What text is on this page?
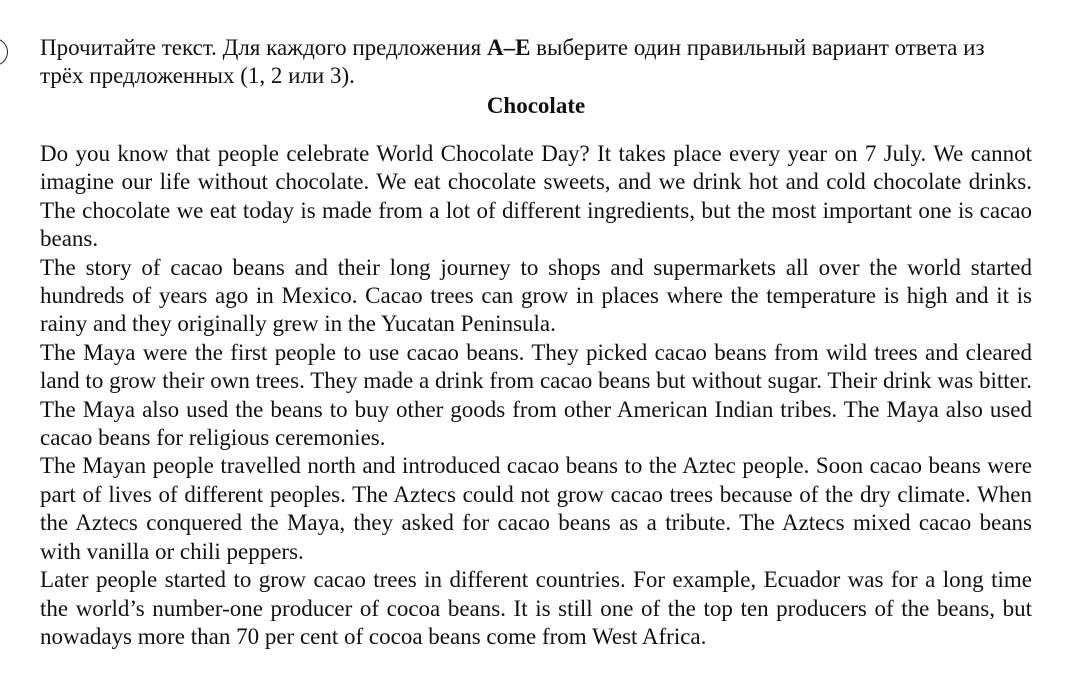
Прочитайте текст. Для каждого предложения A–E выберите один правильный вариант ответа из трёх предложенных (1, 2 или 3).
Chocolate

Do you know that people celebrate World Chocolate Day? It takes place every year on 7 July. We cannot imagine our life without chocolate. We eat chocolate sweets, and we drink hot and cold chocolate drinks. The chocolate we eat today is made from a lot of different ingredients, but the most important one is cacao beans.

The story of cacao beans and their long journey to shops and supermarkets all over the world started hundreds of years ago in Mexico. Cacao trees can grow in places where the temperature is high and it is rainy and they originally grew in the Yucatan Peninsula.

The Maya were the first people to use cacao beans. They picked cacao beans from wild trees and cleared land to grow their own trees. They made a drink from cacao beans but without sugar. Their drink was bitter. The Maya also used the beans to buy other goods from other American Indian tribes. The Maya also used cacao beans for religious ceremonies.

The Mayan people travelled north and introduced cacao beans to the Aztec people. Soon cacao beans were part of lives of different peoples. The Aztecs could not grow cacao trees because of the dry climate. When the Aztecs conquered the Maya, they asked for cacao beans as a tribute. The Aztecs mixed cacao beans with vanilla or chili peppers.

Later people started to grow cacao trees in different countries. For example, Ecuador was for a long time the world’s number-one producer of cocoa beans. It is still one of the top ten producers of the beans, but nowadays more than 70 per cent of cocoa beans come from West Africa.
